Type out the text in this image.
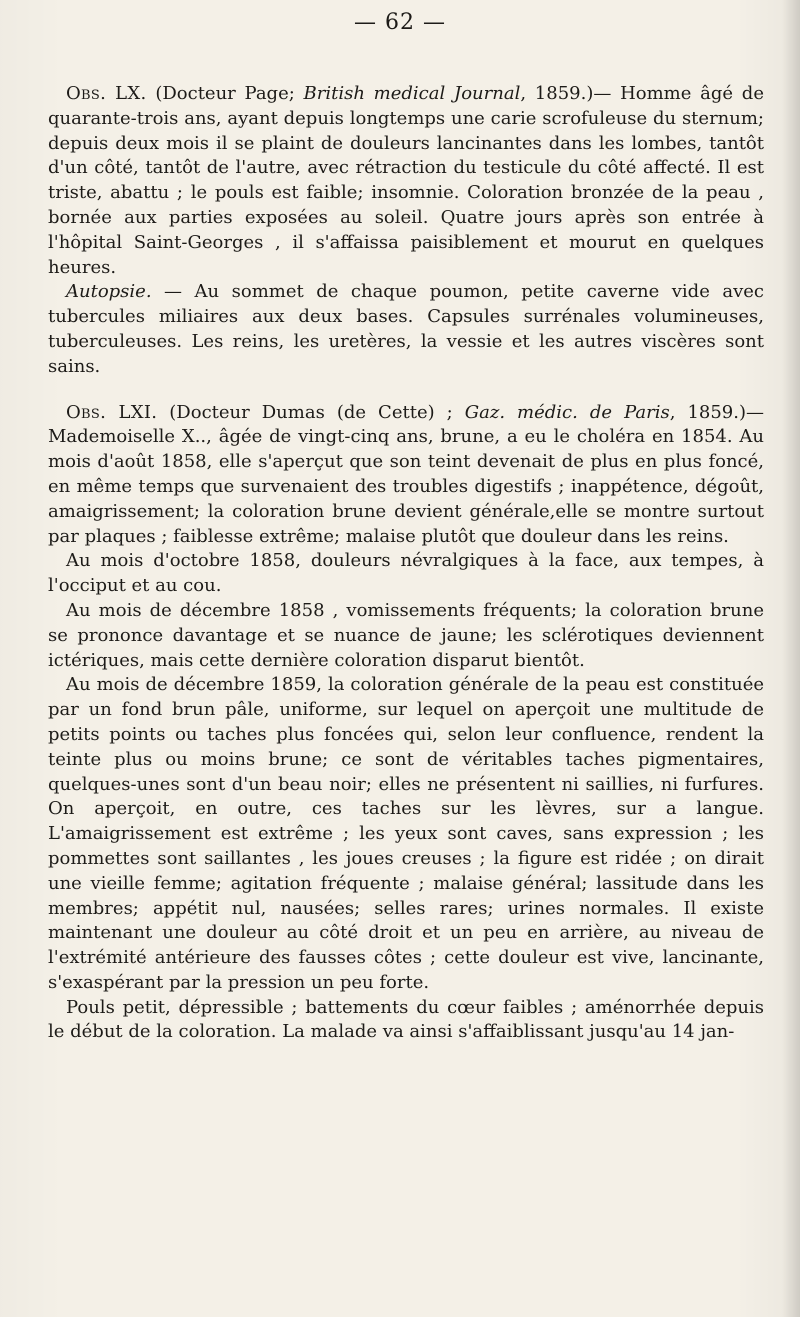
— 62 —

Obs. LX. (Docteur Page; British medical Journal, 1859.)— Homme âgé de quarante-trois ans, ayant depuis longtemps une carie scrofuleuse du sternum; depuis deux mois il se plaint de douleurs lancinantes dans les lombes, tantôt d'un côté, tantôt de l'autre, avec rétraction du testicule du côté affecté. Il est triste, abattu ; le pouls est faible; insomnie. Coloration bronzée de la peau , bornée aux parties exposées au soleil. Quatre jours après son entrée à l'hôpital Saint-Georges , il s'affaissa paisiblement et mourut en quelques heures.

Autopsie. — Au sommet de chaque poumon, petite caverne vide avec tubercules miliaires aux deux bases. Capsules surrénales volumineuses, tuberculeuses. Les reins, les uretères, la vessie et les autres viscères sont sains.

Obs. LXI. (Docteur Dumas (de Cette) ; Gaz. médic. de Paris, 1859.)— Mademoiselle X.., âgée de vingt-cinq ans, brune, a eu le choléra en 1854. Au mois d'août 1858, elle s'aperçut que son teint devenait de plus en plus foncé, en même temps que survenaient des troubles digestifs ; inappétence, dégoût, amaigrissement; la coloration brune devient générale,elle se montre surtout par plaques ; faiblesse extrême; malaise plutôt que douleur dans les reins.

Au mois d'octobre 1858, douleurs névralgiques à la face, aux tempes, à l'occiput et au cou.

Au mois de décembre 1858 , vomissements fréquents; la coloration brune se prononce davantage et se nuance de jaune; les sclérotiques deviennent ictériques, mais cette dernière coloration disparut bientôt.

Au mois de décembre 1859, la coloration générale de la peau est constituée par un fond brun pâle, uniforme, sur lequel on aperçoit une multitude de petits points ou taches plus foncées qui, selon leur confluence, rendent la teinte plus ou moins brune; ce sont de véritables taches pigmentaires, quelques-unes sont d'un beau noir; elles ne présentent ni saillies, ni furfures. On aperçoit, en outre, ces taches sur les lèvres, sur a langue. L'amaigrissement est extrême ; les yeux sont caves, sans expression ; les pommettes sont saillantes , les joues creuses ; la figure est ridée ; on dirait une vieille femme; agitation fréquente ; malaise général; lassitude dans les membres; appétit nul, nausées; selles rares; urines normales. Il existe maintenant une douleur au côté droit et un peu en arrière, au niveau de l'extrémité antérieure des fausses côtes ; cette douleur est vive, lancinante, s'exaspérant par la pression un peu forte.

Pouls petit, dépressible ; battements du cœur faibles ; aménorrhée depuis le début de la coloration. La malade va ainsi s'affaiblissant jusqu'au 14 jan-
